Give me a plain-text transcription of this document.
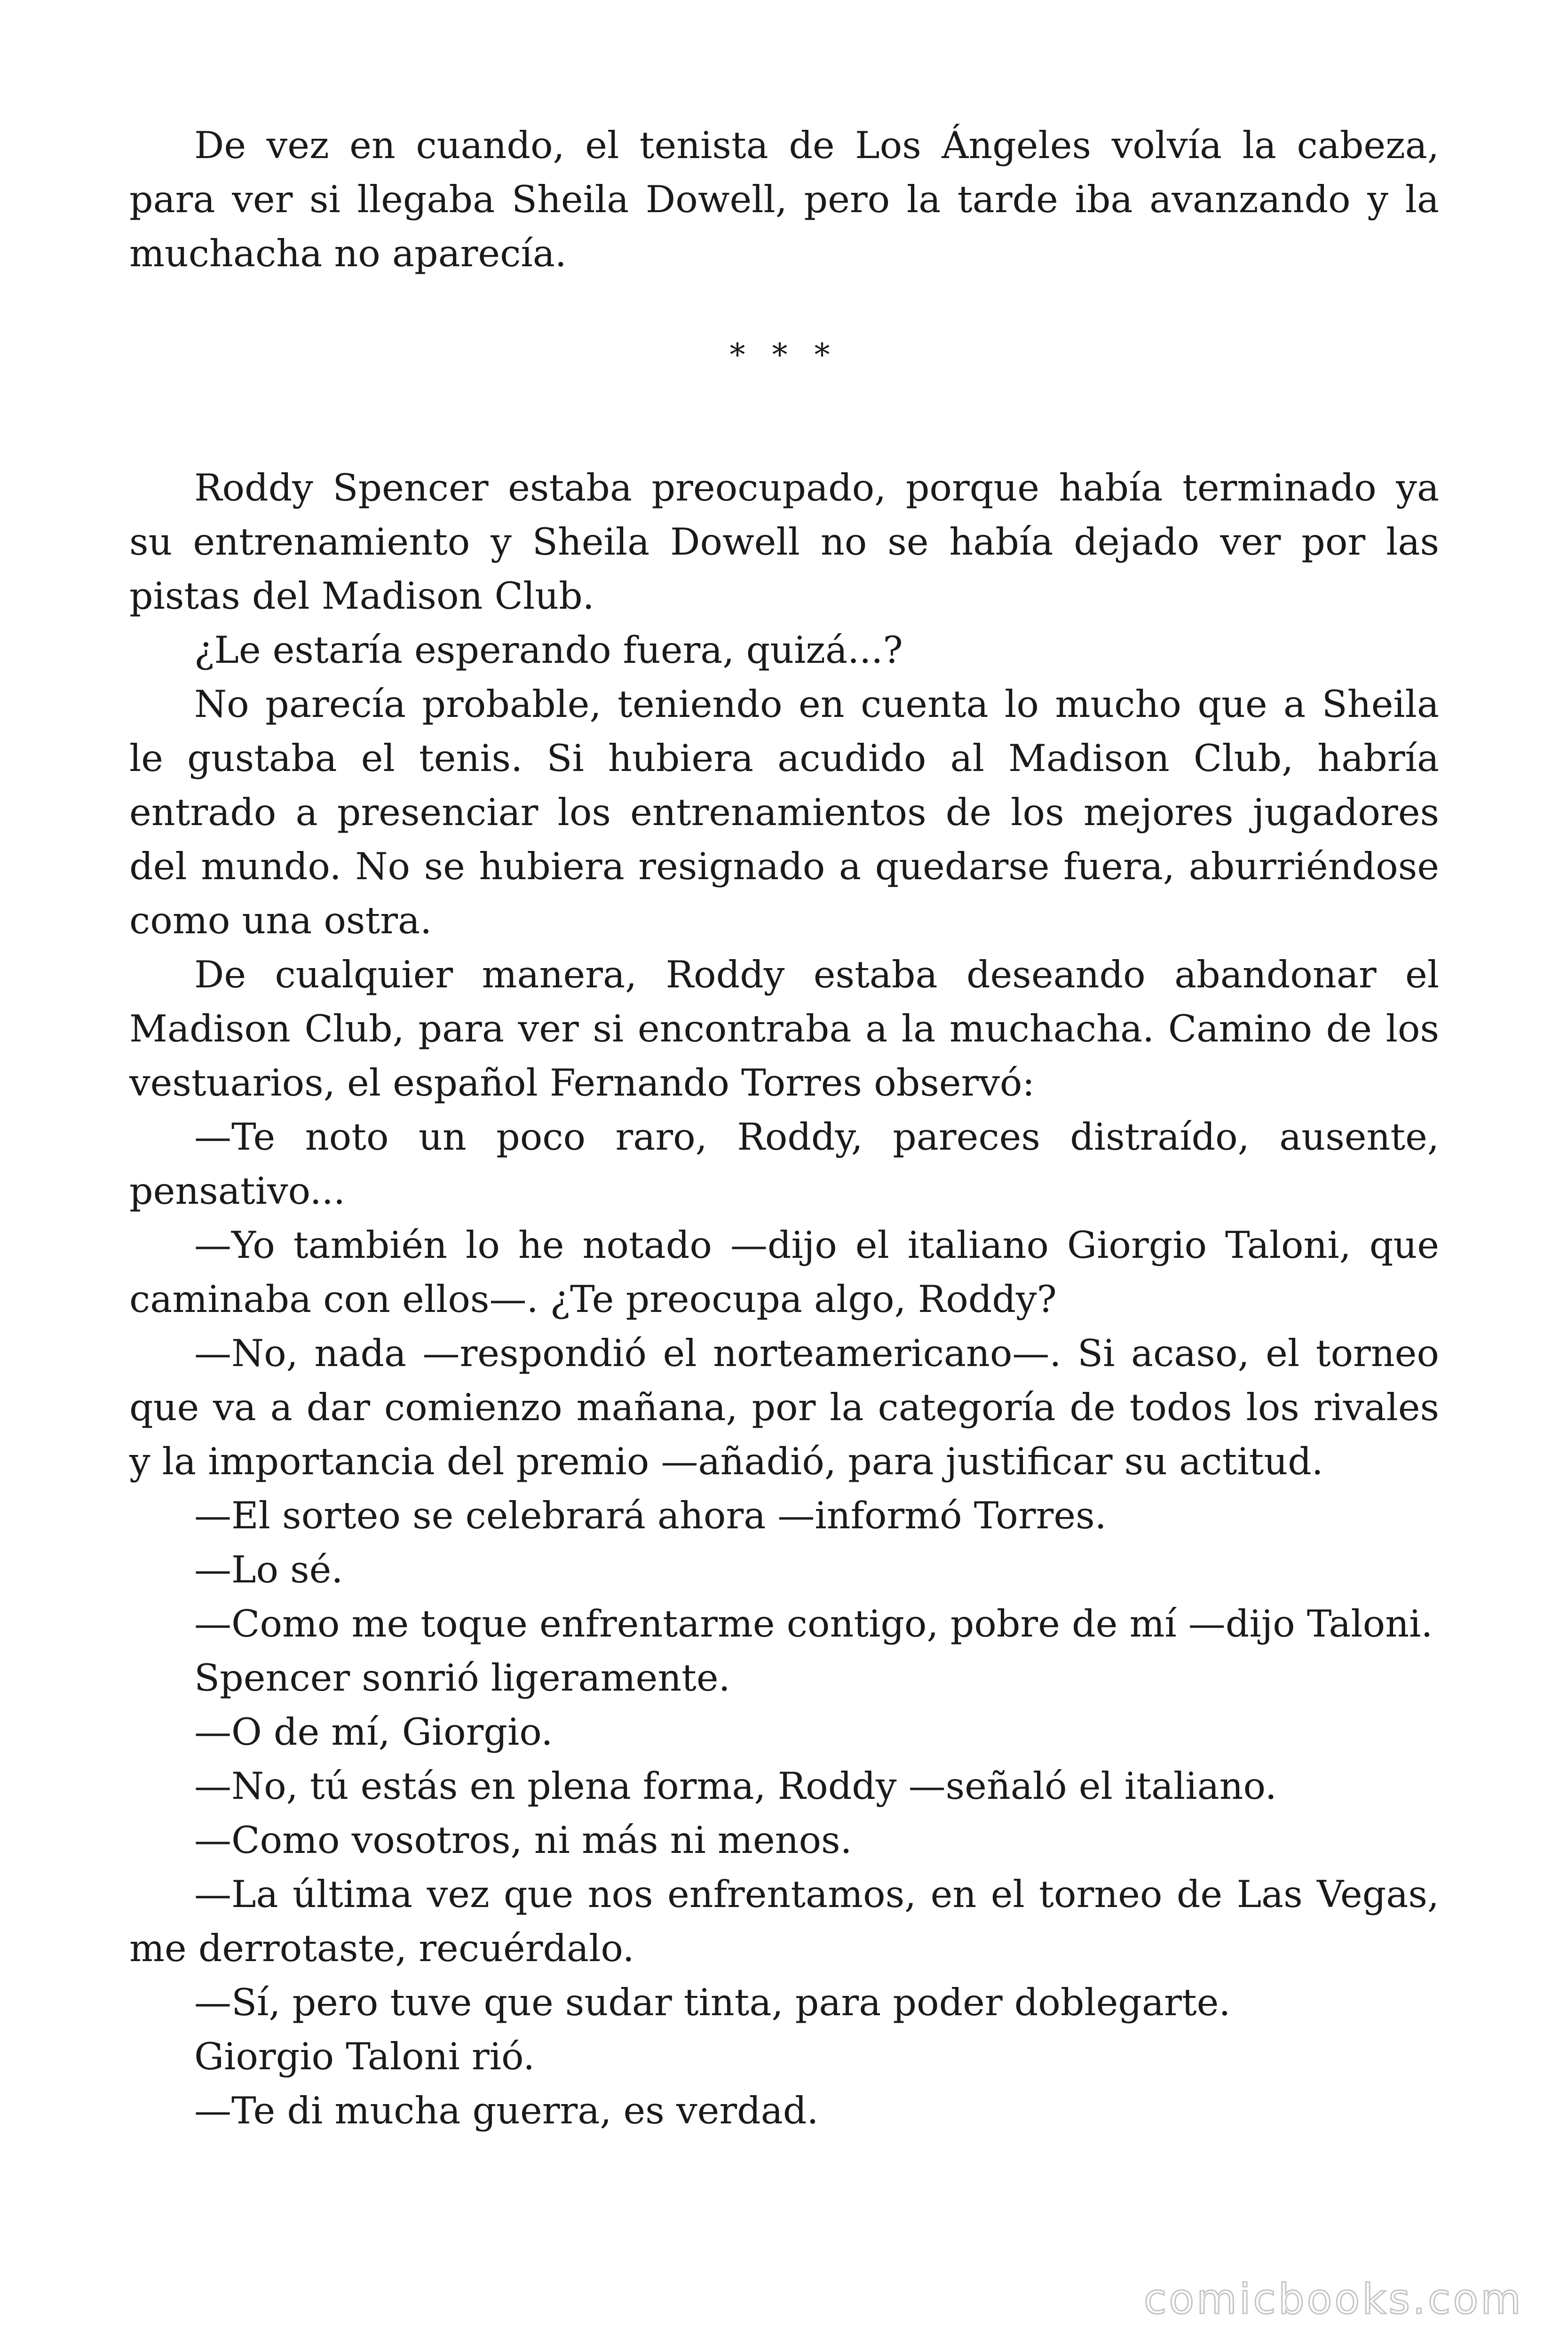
De vez en cuando, el tenista de Los Ángeles volvía la cabeza, para ver si llegaba Sheila Dowell, pero la tarde iba avanzando y la muchacha no aparecía.

* * *

Roddy Spencer estaba preocupado, porque había terminado ya su entrenamiento y Sheila Dowell no se había dejado ver por las pistas del Madison Club.

¿Le estaría esperando fuera, quizá...?

No parecía probable, teniendo en cuenta lo mucho que a Sheila le gustaba el tenis. Si hubiera acudido al Madison Club, habría entrado a presenciar los entrenamientos de los mejores jugadores del mundo. No se hubiera resignado a quedarse fuera, aburriéndose como una ostra.

De cualquier manera, Roddy estaba deseando abandonar el Madison Club, para ver si encontraba a la muchacha. Camino de los vestuarios, el español Fernando Torres observó:

—Te noto un poco raro, Roddy, pareces distraído, ausente, pensativo...

—Yo también lo he notado —dijo el italiano Giorgio Taloni, que caminaba con ellos—. ¿Te preocupa algo, Roddy?

—No, nada —respondió el norteamericano—. Si acaso, el torneo que va a dar comienzo mañana, por la categoría de todos los rivales y la importancia del premio —añadió, para justificar su actitud.

—El sorteo se celebrará ahora —informó Torres.

—Lo sé.

—Como me toque enfrentarme contigo, pobre de mí —dijo Taloni.

Spencer sonrió ligeramente.

—O de mí, Giorgio.

—No, tú estás en plena forma, Roddy —señaló el italiano.

—Como vosotros, ni más ni menos.

—La última vez que nos enfrentamos, en el torneo de Las Vegas, me derrotaste, recuérdalo.

—Sí, pero tuve que sudar tinta, para poder doblegarte.

Giorgio Taloni rió.

—Te di mucha guerra, es verdad.

comicbooks.com
